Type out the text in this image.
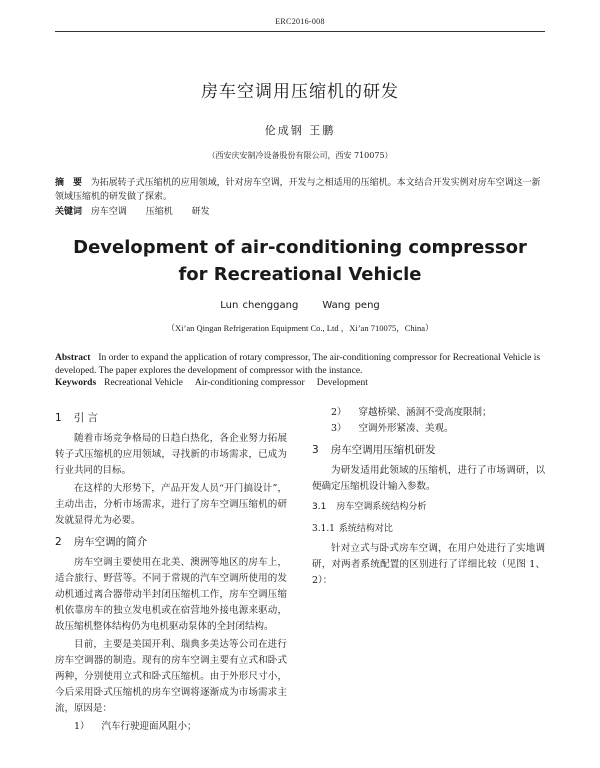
ERC2016-008
房车空调用压缩机的研发
伦成钢 王鹏
（西安庆安制冷设备股份有限公司，西安 710075）
摘　要 为拓展转子式压缩机的应用领域，针对房车空调，开发与之相适用的压缩机。本文结合开发实例对房车空调这一新领域压缩机的研发做了探索。
关键词 房车空调 压缩机 研发
Development of air-conditioning compressor
for Recreational Vehicle
Lun chenggang Wang peng
（Xi’an Qingan Refrigeration Equipment Co., Ltd ，Xi’an 710075，China）
Abstract In order to expand the application of rotary compressor, The air-conditioning compressor for Recreational Vehicle is developed. The paper explores the development of compressor with the instance.
Keywords Recreational Vehicle Air-conditioning compressor Development
1 引 言

随着市场竞争格局的日趋白热化，各企业努力拓展转子式压缩机的应用领域，寻找新的市场需求，已成为行业共同的目标。

在这样的大形势下，产品开发人员“开门搞设计”，主动出击，分析市场需求，进行了房车空调压缩机的研发就显得尤为必要。

2 房车空调的简介

房车空调主要使用在北美、澳洲等地区的房车上，适合旅行、野营等。不同于常规的汽车空调所使用的发动机通过离合器带动半封闭压缩机工作，房车空调压缩机依靠房车的独立发电机或在宿营地外接电源来驱动，故压缩机整体结构仍为电机驱动泵体的全封闭结构。

目前，主要是美国开利、瑞典多美达等公司在进行房车空调器的制造。现有的房车空调主要有立式和卧式两种，分别使用立式和卧式压缩机。由于外形尺寸小，今后采用卧式压缩机的房车空调将逐渐成为市场需求主流，原因是：

1） 汽车行驶迎面风阻小；

2） 穿越桥梁、涵洞不受高度限制；

3） 空调外形紧凑、美观。

3 房车空调用压缩机研发

为研发适用此领域的压缩机，进行了市场调研，以便确定压缩机设计输入参数。

3.1 房车空调系统结构分析
3.1.1 系统结构对比

针对立式与卧式房车空调，在用户处进行了实地调研，对两者系统配置的区别进行了详细比较（见图 1、2）：
